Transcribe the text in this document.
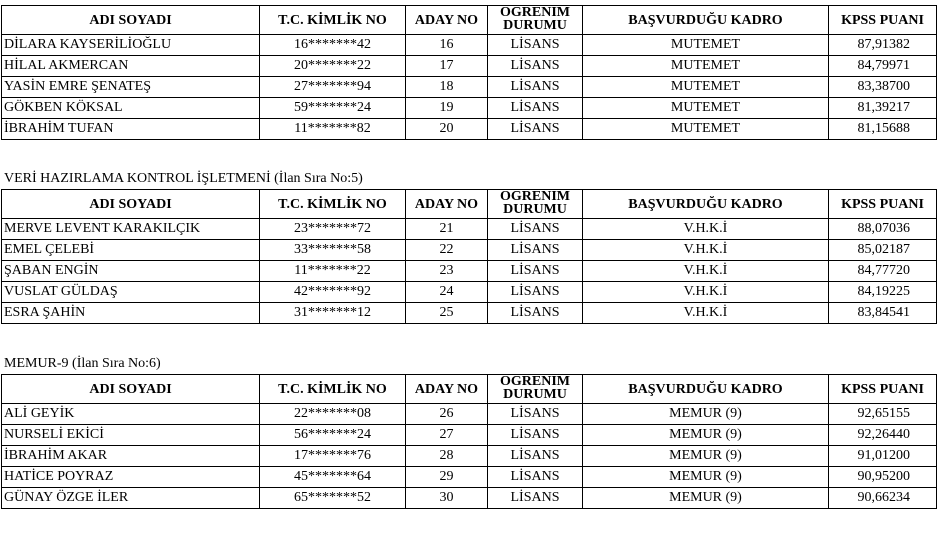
ADI SOYADI	T.C. KİMLİK NO	ADAY NO	OGRENIM DURUMU	BAŞVURDUĞU KADRO	KPSS PUANI
DİLARA KAYSERİLİOĞLU	16*******42	16	LİSANS	MUTEMET	87,91382
HİLAL AKMERCAN	20*******22	17	LİSANS	MUTEMET	84,79971
YASİN EMRE ŞENATEŞ	27*******94	18	LİSANS	MUTEMET	83,38700
GÖKBEN KÖKSAL	59*******24	19	LİSANS	MUTEMET	81,39217
İBRAHİM TUFAN	11*******82	20	LİSANS	MUTEMET	81,15688
VERİ HAZIRLAMA KONTROL İŞLETMENİ (İlan Sıra No:5)
ADI SOYADI	T.C. KİMLİK NO	ADAY NO	OGRENIM DURUMU	BAŞVURDUĞU KADRO	KPSS PUANI
MERVE LEVENT KARAKILÇIK	23*******72	21	LİSANS	V.H.K.İ	88,07036
EMEL ÇELEBİ	33*******58	22	LİSANS	V.H.K.İ	85,02187
ŞABAN ENGİN	11*******22	23	LİSANS	V.H.K.İ	84,77720
VUSLAT GÜLDAŞ	42*******92	24	LİSANS	V.H.K.İ	84,19225
ESRA ŞAHİN	31*******12	25	LİSANS	V.H.K.İ	83,84541
MEMUR-9 (İlan Sıra No:6)
ADI SOYADI	T.C. KİMLİK NO	ADAY NO	OGRENIM DURUMU	BAŞVURDUĞU KADRO	KPSS PUANI
ALİ GEYİK	22*******08	26	LİSANS	MEMUR (9)	92,65155
NURSELİ EKİCİ	56*******24	27	LİSANS	MEMUR (9)	92,26440
İBRAHİM AKAR	17*******76	28	LİSANS	MEMUR (9)	91,01200
HATİCE POYRAZ	45*******64	29	LİSANS	MEMUR (9)	90,95200
GÜNAY ÖZGE İLER	65*******52	30	LİSANS	MEMUR (9)	90,66234
